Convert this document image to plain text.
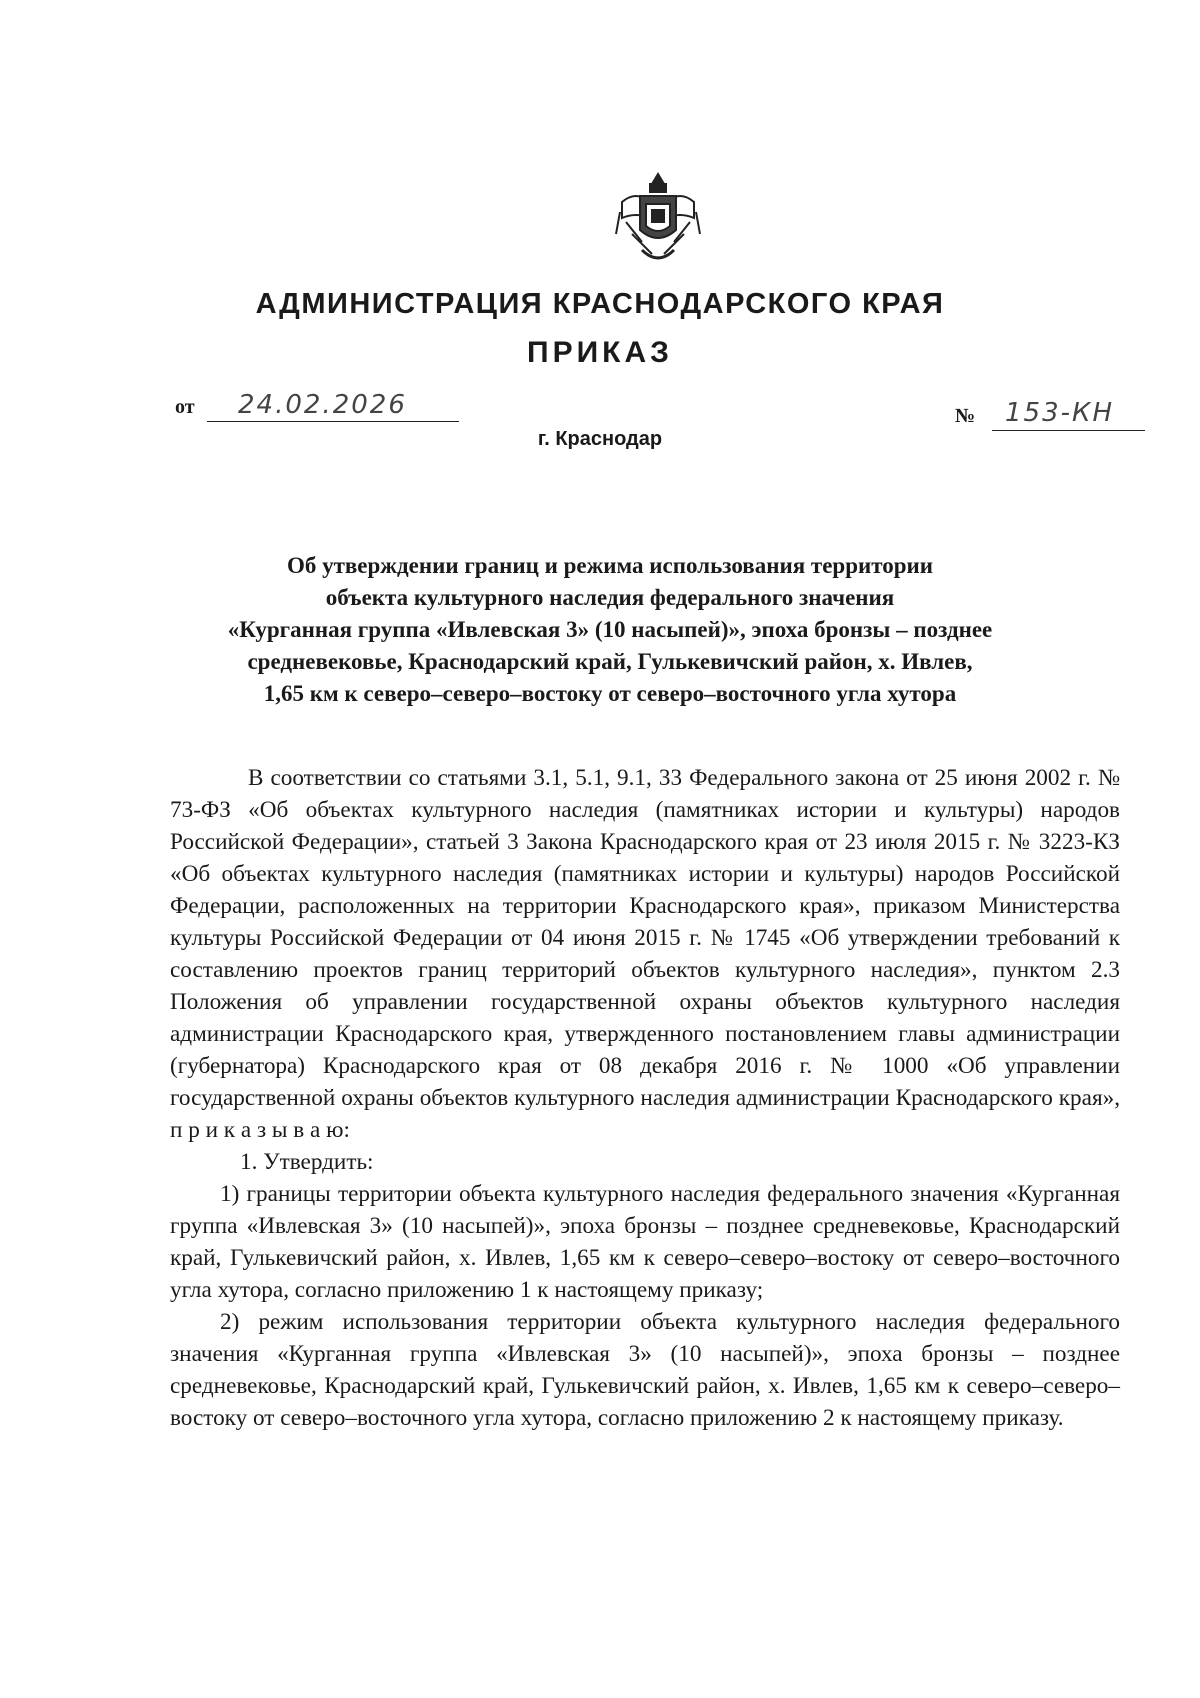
АДМИНИСТРАЦИЯ КРАСНОДАРСКОГО КРАЯ
ПРИКАЗ
от 24.02.2026
г. Краснодар
№ 153-КН
Об утверждении границ и режима использования территории
объекта культурного наследия федерального значения
«Курганная группа «Ивлевская 3» (10 насыпей)», эпоха бронзы – позднее
средневековье, Краснодарский край, Гулькевичский район, х. Ивлев,
1,65 км к северо–северо–востоку от северо–восточного угла хутора

В соответствии со статьями 3.1, 5.1, 9.1, 33 Федерального закона от 25 июня 2002 г. № 73-ФЗ «Об объектах культурного наследия (памятниках истории и культуры) народов Российской Федерации», статьей 3 Закона Краснодарского края от 23 июля 2015 г. № 3223-КЗ «Об объектах культурного наследия (памятниках истории и культуры) народов Российской Федерации, расположенных на территории Краснодарского края», приказом Министерства культуры Российской Федерации от 04 июня 2015 г. № 1745 «Об утверждении требований к составлению проектов границ территорий объектов культурного наследия», пунктом 2.3 Положения об управлении государственной охраны объектов культурного наследия администрации Краснодарского края, утвержденного постановлением главы администрации (губернатора) Краснодарского края от 08 декабря 2016 г. № 1000 «Об управлении государственной охраны объектов культурного наследия администрации Краснодарского края», п р и к а з ы в а ю:

1. Утвердить:

1) границы территории объекта культурного наследия федерального значения «Курганная группа «Ивлевская 3» (10 насыпей)», эпоха бронзы – позднее средневековье, Краснодарский край, Гулькевичский район, х. Ивлев, 1,65 км к северо–северо–востоку от северо–восточного угла хутора, согласно приложению 1 к настоящему приказу;

2) режим использования территории объекта культурного наследия федерального значения «Курганная группа «Ивлевская 3» (10 насыпей)», эпоха бронзы – позднее средневековье, Краснодарский край, Гулькевичский район, х. Ивлев, 1,65 км к северо–северо–востоку от северо–восточного угла хутора, согласно приложению 2 к настоящему приказу.
